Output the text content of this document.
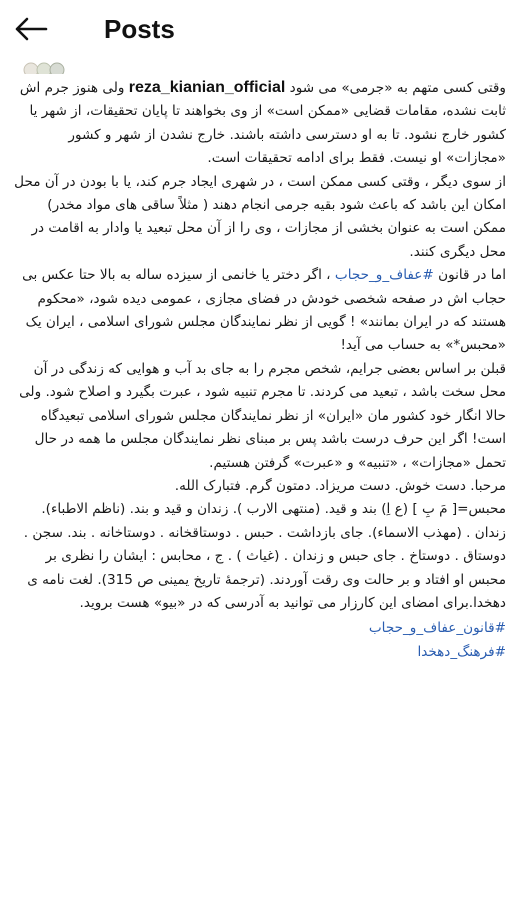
Posts

وقتی کسی متهم به «جرمی» می شود reza_kianian_official ولی هنوز جرم اش ثابت نشده، مقامات قضایی «ممکن است» از وی بخواهند تا پایان تحقیقات، از شهر یا کشور خارج نشود. تا به او دسترسی داشته باشند. خارج نشدن از شهر و کشور «مجازات» او نیست. فقط برای ادامه تحقیقات است.

از سوی دیگر ، وقتی کسی ممکن است ، در شهری ایجاد جرم کند، یا با بودن در آن محل امکان این باشد که باعث شود بقیه جرمی انجام دهند ( مثلاً ساقی های مواد مخدر) ممکن است به عنوان بخشی از مجازات ، وی را از آن محل تبعید یا وادار به اقامت در محل دیگری کنند.

اما در قانون #عفاف_و_حجاب ، اگر دختر یا خانمی از سیزده ساله به بالا حتا عکس بی حجاب اش در صفحه شخصی خودش در فضای مجازی ، عمومی دیده شود، «محکوم هستند که در ایران بمانند» ! گویی از نظر نمایندگان مجلس شورای اسلامی ، ایران یک «محبس*» به حساب می آید!

قبلن بر اساس بعضی جرایم، شخص مجرم را به جای بد آب و هوایی که زندگی در آن محل سخت باشد ، تبعید می کردند. تا مجرم تنبیه شود ، عبرت بگیرد و اصلاح شود. ولی حالا انگار خود کشور مان «ایران» از نظر نمایندگان مجلس شورای اسلامی تبعیدگاه است! اگر این حرف درست باشد پس بر مبنای نظر نمایندگان مجلس ما همه در حال تحمل «مجازات» ، «تنبیه» و «عبرت» گرفتن هستیم.

مرحبا. دست خوش. دست مریزاد. دمتون گرم. فتبارک الله.

محبس=[ مَ بِ ] (ع اِ) بند و قید. (منتهی الارب ). زندان و قید و بند. (ناظم الاطباء). زندان . (مهذب الاسماء). جای بازداشت . حبس . دوستاقخانه . دوستاخانه . بند. سجن . دوستاق . دوستاخ . جای حبس و زندان . (غیاث ) . ج ، محابس : ایشان را نظری بر محبس او افتاد و بر حالت وی رقت آوردند. (ترجمهٔ تاریخ یمینی ص 315). لغت نامه ی دهخدا.برای امضای این کارزار می توانید به آدرسی که در «بیو» هست بروید.

#قانون_عفاف_و_حجاب
#فرهنگ_دهخدا
